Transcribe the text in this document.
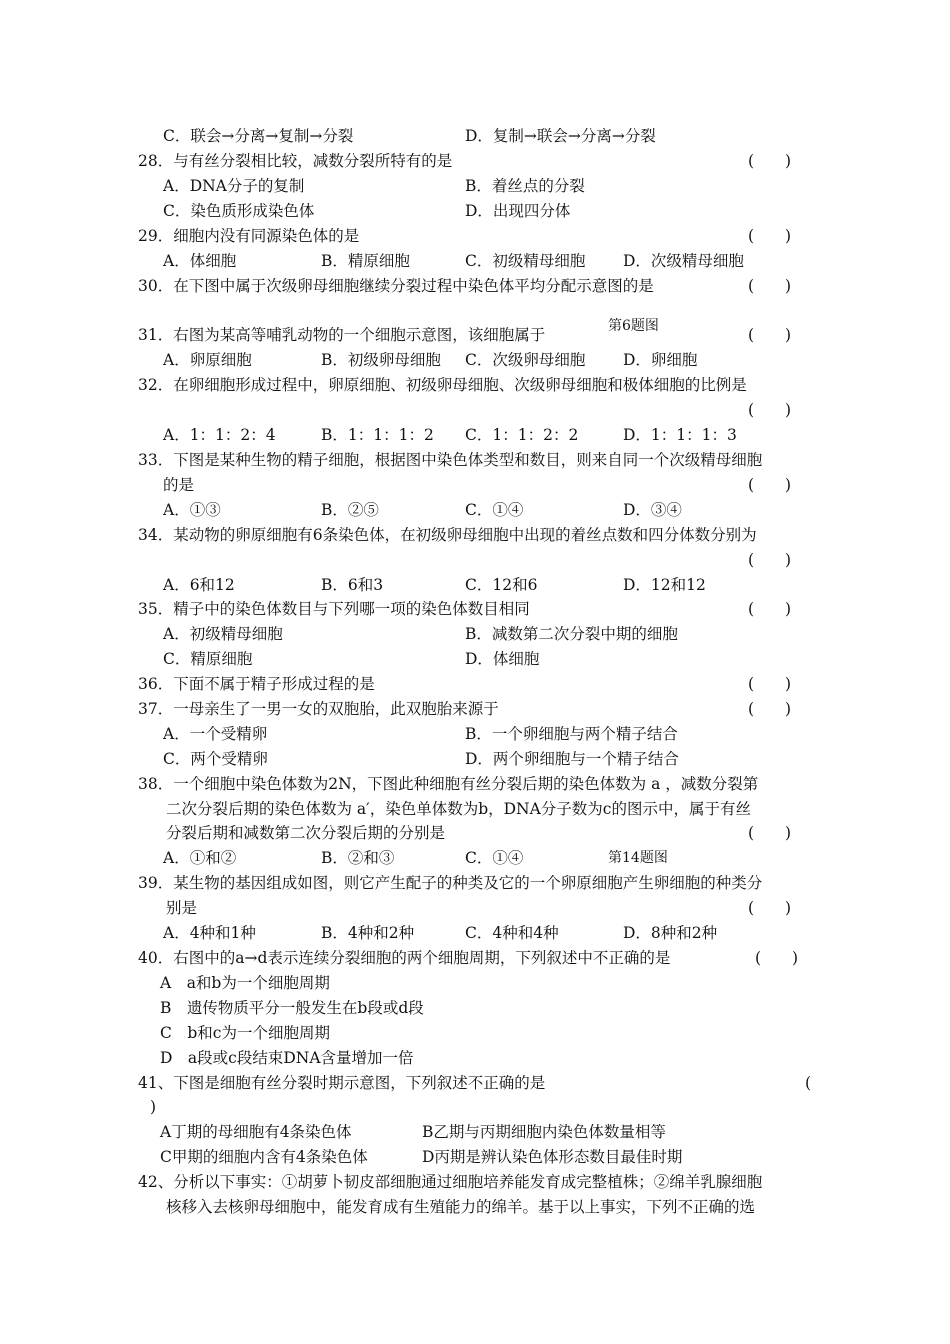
C．联会→分离→复制→分裂	D．复制→联会→分离→分裂
28．与有丝分裂相比较，减数分裂所特有的是	(　　)
A．DNA分子的复制	B．着丝点的分裂
C．染色质形成染色体	D．出现四分体
29．细胞内没有同源染色体的是	(　　)
A．体细胞	B．精原细胞	C．初级精母细胞 D．次级精母细胞
30．在下图中属于次级卵母细胞继续分裂过程中染色体平均分配示意图的是	(　　)
第6题图
31．右图为某高等哺乳动物的一个细胞示意图，该细胞属于	(　　)
A．卵原细胞	B．初级卵母细胞 C．次级卵母细胞 D．卵细胞
32．在卵细胞形成过程中，卵原细胞、初级卵母细胞、次级卵母细胞和极体细胞的比例是
(　　)
A．1：1：2：4	B．1：1：1：2 C．1：1：2：2	D．1：1：1：3
33．下图是某种生物的精子细胞，根据图中染色体类型和数目，则来自同一个次级精母细胞
的是	(　　)
A．①③	B．②⑤	C．①④	D．③④
34．某动物的卵原细胞有6条染色体，在初级卵母细胞中出现的着丝点数和四分体数分别为
(　　)
A．6和12	B．6和3	C．12和6	D．12和12
35．精子中的染色体数目与下列哪一项的染色体数目相同	(　　)
A．初级精母细胞	B．减数第二次分裂中期的细胞
C．精原细胞	D．体细胞
36．下面不属于精子形成过程的是	(　　)
37．一母亲生了一男一女的双胞胎，此双胞胎来源于	(　　)
A．一个受精卵	B．一个卵细胞与两个精子结合
C．两个受精卵	D．两个卵细胞与一个精子结合
38．一个细胞中染色体数为2N，下图此种细胞有丝分裂后期的染色体数为 a ，减数分裂第
二次分裂后期的染色体数为 a′，染色单体数为b，DNA分子数为c的图示中，属于有丝
分裂后期和减数第二次分裂后期的分别是	(　　)
A．①和②	B．②和③	C．①④	第14题图
39．某生物的基因组成如图，则它产生配子的种类及它的一个卵原细胞产生卵细胞的种类分
别是	(　　)
A．4种和1种	B．4种和2种	C．4种和4种	D．8种和2种
40．右图中的a→d表示连续分裂细胞的两个细胞周期，下列叙述中不正确的是	(　　)
A　a和b为一个细胞周期
B　遗传物质平分一般发生在b段或d段
C　b和c为一个细胞周期
D　a段或c段结束DNA含量增加一倍
41、下图是细胞有丝分裂时期示意图，下列叙述不正确的是	(
)
A丁期的母细胞有4条染色体	B乙期与丙期细胞内染色体数量相等
C甲期的细胞内含有4条染色体	D丙期是辨认染色体形态数目最佳时期
42、分析以下事实：①胡萝卜韧皮部细胞通过细胞培养能发育成完整植株；②绵羊乳腺细胞
核移入去核卵母细胞中，能发育成有生殖能力的绵羊。基于以上事实，下列不正确的选
